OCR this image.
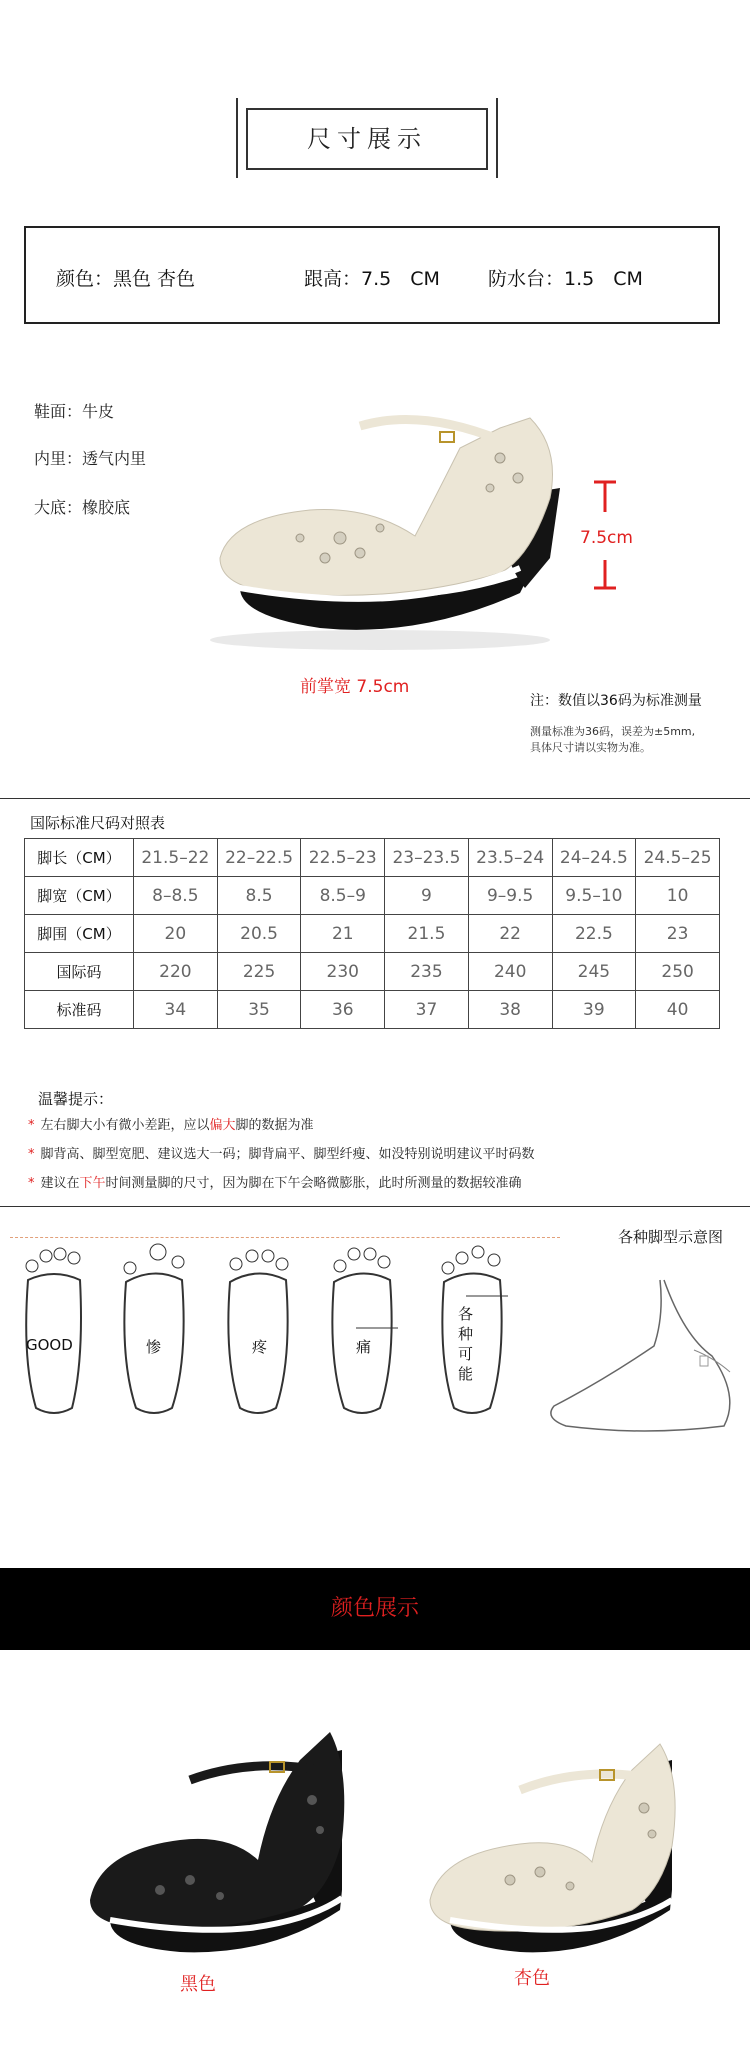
尺寸展示
颜色：黑色 杏色	跟高：7.5　CM	防水台：1.5　CM
鞋面：牛皮
内里：透气内里
大底：橡胶底
7.5cm
前掌宽 7.5cm
注：数值以36码为标准测量
测量标准为36码，误差为±5mm,
具体尺寸请以实物为准。
国际标准尺码对照表
脚长（CM）	21.5–22	22–22.5	22.5–23	23–23.5	23.5–24	24–24.5	24.5–25
脚宽（CM）	8–8.5	8.5	8.5–9	9	9–9.5	9.5–10	10
脚围（CM）	20	20.5	21	21.5	22	22.5	23
国际码	220	225	230	235	240	245	250
标准码	34	35	36	37	38	39	40
温馨提示：
* 左右脚大小有微小差距，应以偏大脚的数据为准
* 脚背高、脚型宽肥、建议选大一码；脚背扁平、脚型纤瘦、如没特别说明建议平时码数
* 建议在下午时间测量脚的尺寸，因为脚在下午会略微膨胀，此时所测量的数据较准确
各种脚型示意图
GOOD	惨	疼	痛
各种可能
颜色展示
黑色	杏色
